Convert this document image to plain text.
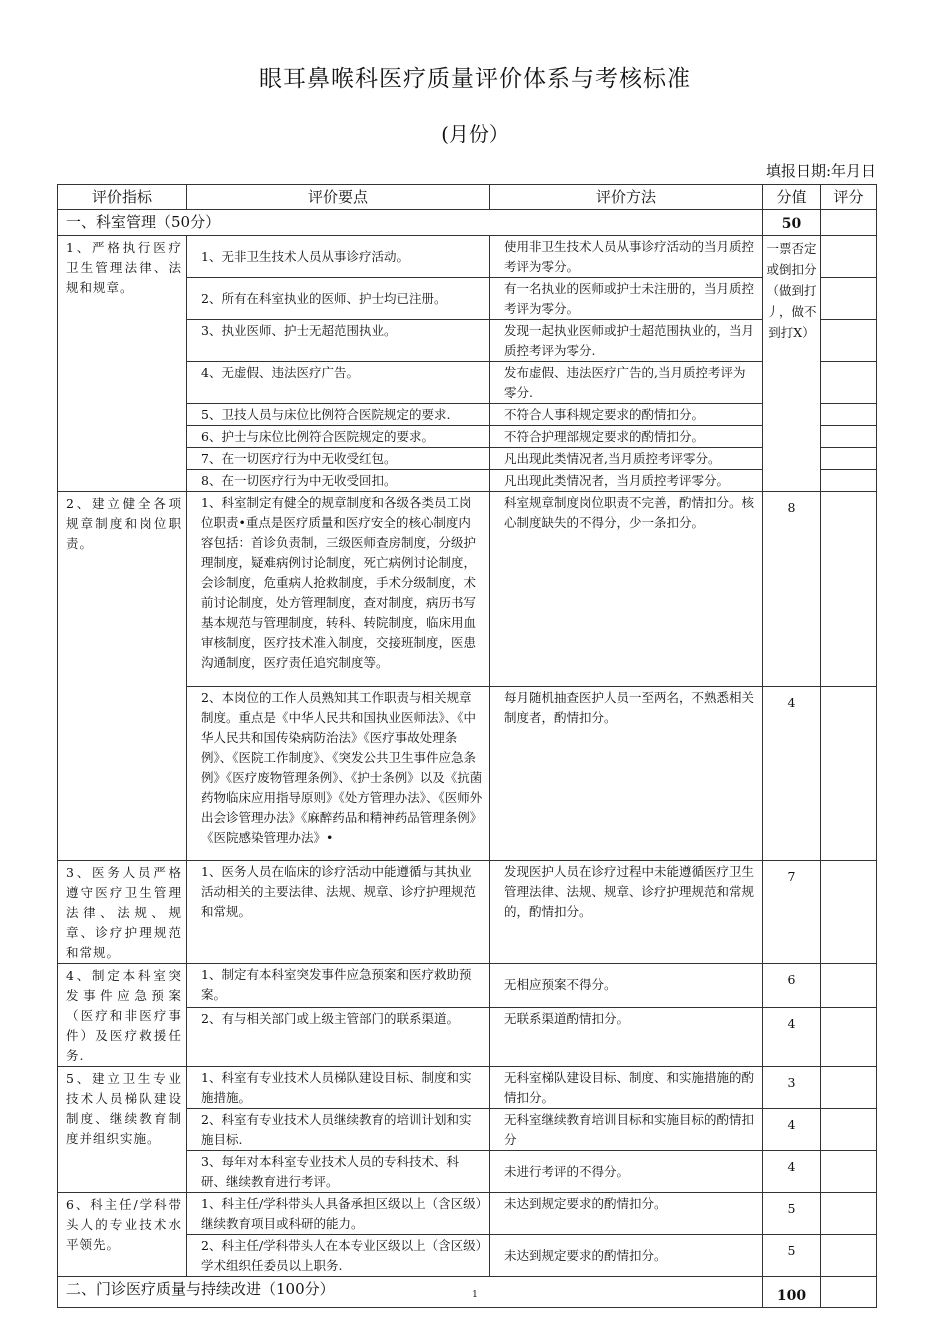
眼耳鼻喉科医疗质量评价体系与考核标准
(月份）
填报日期:年月日
评价指标	评价要点	评价方法	分值	评分
一、科室管理（50分）			50	
1、严格执行医疗卫生管理法律、法规和规章。	1、无非卫生技术人员从事诊疗活动。	使用非卫生技术人员从事诊疗活动的当月质控考评为零分。	一票否定或倒扣分（做到打丿，做不到打X）	
	2、所有在科室执业的医师、护士均已注册。	有一名执业的医师或护士未注册的，当月质控考评为零分。		
	3、执业医师、护士无超范围执业。	发现一起执业医师或护士超范围执业的，当月质控考评为零分.		
	4、无虚假、违法医疗广告。	发布虚假、违法医疗广告的,当月质控考评为零分.		
	5、卫技人员与床位比例符合医院规定的要求.	不符合人事科规定要求的酌情扣分。		
	6、护士与床位比例符合医院规定的要求。	不符合护理部规定要求的酌情扣分。		
	7、在一切医疗行为中无收受红包。	凡出现此类情况者,当月质控考评零分。		
	8、在一切医疗行为中无收受回扣。	凡出现此类情况者，当月质控考评零分。		
2、建立健全各项规章制度和岗位职责。	1、科室制定有健全的规章制度和各级各类员工岗位职责•重点是医疗质量和医疗安全的核心制度内容包括：首诊负责制，三级医师查房制度，分级护理制度，疑难病例讨论制度，死亡病例讨论制度，会诊制度，危重病人抢救制度，手术分级制度，术前讨论制度，处方管理制度，查对制度，病历书写基本规范与管理制度，转科、转院制度，临床用血审核制度，医疗技术准入制度，交接班制度，医患沟通制度，医疗责任追究制度等。	科室规章制度岗位职责不完善，酌情扣分。核心制度缺失的不得分，少一条扣分。	8	
	2、本岗位的工作人员熟知其工作职责与相关规章制度。重点是《中华人民共和国执业医师法》、《中华人民共和国传染病防治法》《医疗事故处理条例》、《医院工作制度》、《突发公共卫生事件应急条例》《医疗废物管理条例》、《护士条例》以及《抗菌药物临床应用指导原则》《处方管理办法》、《医师外出会诊管理办法》《麻醉药品和精神药品管理条例》《医院感染管理办法》•	每月随机抽查医护人员一至两名，不熟悉相关制度者，酌情扣分。	4	
3、医务人员严格遵守医疗卫生管理法律、法规、规章、诊疗护理规范和常规。	1、医务人员在临床的诊疗活动中能遵循与其执业活动相关的主要法律、法规、规章、诊疗护理规范和常规。	发现医护人员在诊疗过程中未能遵循医疗卫生管理法律、法规、规章、诊疗护理规范和常规的，酌情扣分。	7	
4、制定本科室突发事件应急预案（医疗和非医疗事件）及医疗救援任务.	1、制定有本科室突发事件应急预案和医疗救助预案。	无相应预案不得分。	6	
	2、有与相关部门或上级主管部门的联系渠道。	无联系渠道酌情扣分。	4	
5、建立卫生专业技术人员梯队建设制度、继续教育制度并组织实施。	1、科室有专业技术人员梯队建设目标、制度和实施措施。	无科室梯队建设目标、制度、和实施措施的酌情扣分。	3	
	2、科室有专业技术人员继续教育的培训计划和实施目标.	无科室继续教育培训目标和实施目标的酌情扣分	4	
	3、每年对本科室专业技术人员的专科技术、科研、继续教育进行考评。	未进行考评的不得分。	4	
6、科主任/学科带头人的专业技术水平领先。	1、科主任/学科带头人具备承担区级以上（含区级）继续教育项目或科研的能力。	未达到规定要求的酌情扣分。	5	
	2、科主任/学科带头人在本专业区级以上（含区级）学术组织任委员以上职务.	未达到规定要求的酌情扣分。	5	
二、门诊医疗质量与持续改进（100分）			100	
1
